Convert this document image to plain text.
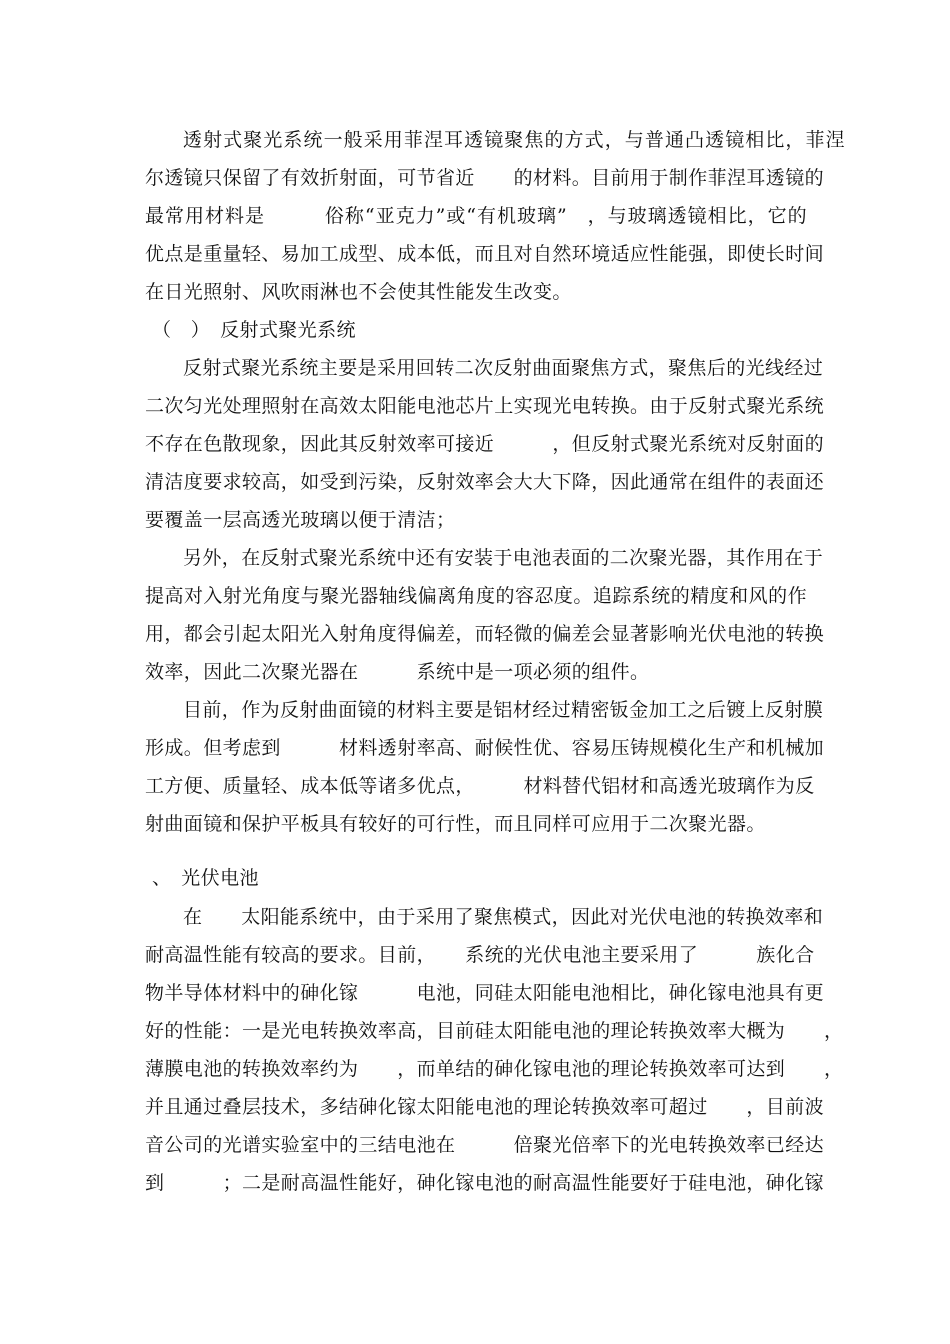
透射式聚光系统一般采用菲涅耳透镜聚焦的方式，与普通凸透镜相比，菲涅
尔透镜只保留了有效折射面，可节省近　　的材料。目前用于制作菲涅耳透镜的
最常用材料是　　　俗称“亚克力”或“有机玻璃”　，与玻璃透镜相比，它的
优点是重量轻、易加工成型、成本低，而且对自然环境适应性能强，即使长时间
在日光照射、风吹雨淋也不会使其性能发生改变。
（　）　反射式聚光系统
反射式聚光系统主要是采用回转二次反射曲面聚焦方式，聚焦后的光线经过
二次匀光处理照射在高效太阳能电池芯片上实现光电转换。由于反射式聚光系统
不存在色散现象，因此其反射效率可接近　　　，但反射式聚光系统对反射面的
清洁度要求较高，如受到污染，反射效率会大大下降，因此通常在组件的表面还
要覆盖一层高透光玻璃以便于清洁；
另外，在反射式聚光系统中还有安装于电池表面的二次聚光器，其作用在于
提高对入射光角度与聚光器轴线偏离角度的容忍度。追踪系统的精度和风的作
用，都会引起太阳光入射角度得偏差，而轻微的偏差会显著影响光伏电池的转换
效率，因此二次聚光器在　　　系统中是一项必须的组件。
目前，作为反射曲面镜的材料主要是铝材经过精密钣金加工之后镀上反射膜
形成。但考虑到　　　材料透射率高、耐候性优、容易压铸规模化生产和机械加
工方便、质量轻、成本低等诸多优点，　　　材料替代铝材和高透光玻璃作为反
射曲面镜和保护平板具有较好的可行性，而且同样可应用于二次聚光器。
、　光伏电池
在　　太阳能系统中，由于采用了聚焦模式，因此对光伏电池的转换效率和
耐高温性能有较高的要求。目前，　　系统的光伏电池主要采用了　　　族化合
物半导体材料中的砷化镓　　　电池，同硅太阳能电池相比，砷化镓电池具有更
好的性能：一是光电转换效率高，目前硅太阳能电池的理论转换效率大概为　　，
薄膜电池的转换效率约为　　，而单结的砷化镓电池的理论转换效率可达到　　，
并且通过叠层技术，多结砷化镓太阳能电池的理论转换效率可超过　　，目前波
音公司的光谱实验室中的三结电池在　　　倍聚光倍率下的光电转换效率已经达
到　　　；二是耐高温性能好，砷化镓电池的耐高温性能要好于硅电池，砷化镓
